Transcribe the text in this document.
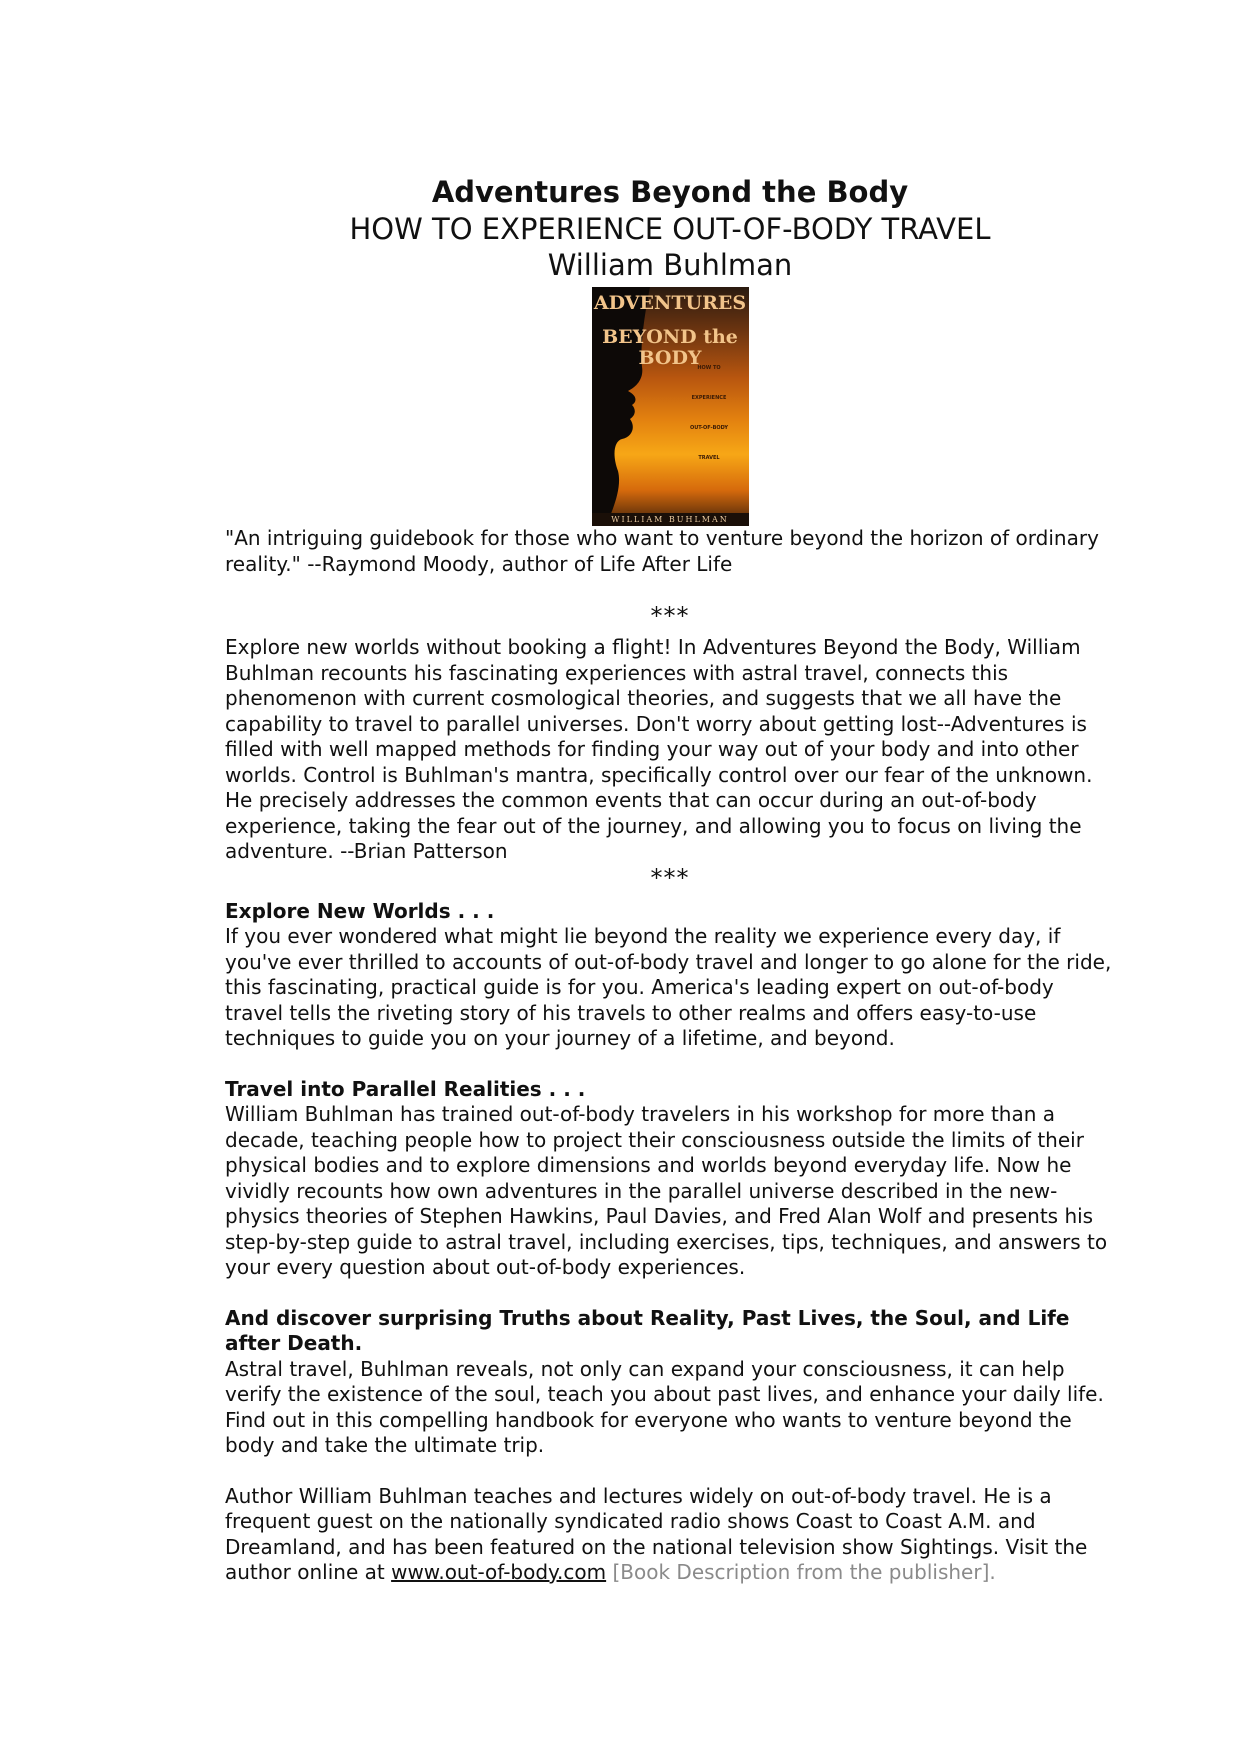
Adventures Beyond the Body

HOW TO EXPERIENCE OUT-OF-BODY TRAVEL

William Buhlman

ADVENTURES
BEYOND the BODY
HOW TO
EXPERIENCE
OUT-OF-BODY
TRAVEL
WILLIAM BUHLMAN

"An intriguing guidebook for those who want to venture beyond the horizon of ordinary reality." --Raymond Moody, author of Life After Life

***

Explore new worlds without booking a flight! In Adventures Beyond the Body, William Buhlman recounts his fascinating experiences with astral travel, connects this phenomenon with current cosmological theories, and suggests that we all have the capability to travel to parallel universes. Don't worry about getting lost--Adventures is filled with well mapped methods for finding your way out of your body and into other worlds. Control is Buhlman's mantra, specifically control over our fear of the unknown. He precisely addresses the common events that can occur during an out-of-body experience, taking the fear out of the journey, and allowing you to focus on living the adventure. --Brian Patterson

***

Explore New Worlds . . .

If you ever wondered what might lie beyond the reality we experience every day, if you've ever thrilled to accounts of out-of-body travel and longer to go alone for the ride, this fascinating, practical guide is for you. America's leading expert on out-of-body travel tells the riveting story of his travels to other realms and offers easy-to-use techniques to guide you on your journey of a lifetime, and beyond.

Travel into Parallel Realities . . .

William Buhlman has trained out-of-body travelers in his workshop for more than a decade, teaching people how to project their consciousness outside the limits of their physical bodies and to explore dimensions and worlds beyond everyday life. Now he vividly recounts how own adventures in the parallel universe described in the new-physics theories of Stephen Hawkins, Paul Davies, and Fred Alan Wolf and presents his step-by-step guide to astral travel, including exercises, tips, techniques, and answers to your every question about out-of-body experiences.

And discover surprising Truths about Reality, Past Lives, the Soul, and Life after Death.

Astral travel, Buhlman reveals, not only can expand your consciousness, it can help verify the existence of the soul, teach you about past lives, and enhance your daily life. Find out in this compelling handbook for everyone who wants to venture beyond the body and take the ultimate trip.

Author William Buhlman teaches and lectures widely on out-of-body travel. He is a frequent guest on the nationally syndicated radio shows Coast to Coast A.M. and Dreamland, and has been featured on the national television show Sightings. Visit the author online at www.out-of-body.com [Book Description from the publisher].
